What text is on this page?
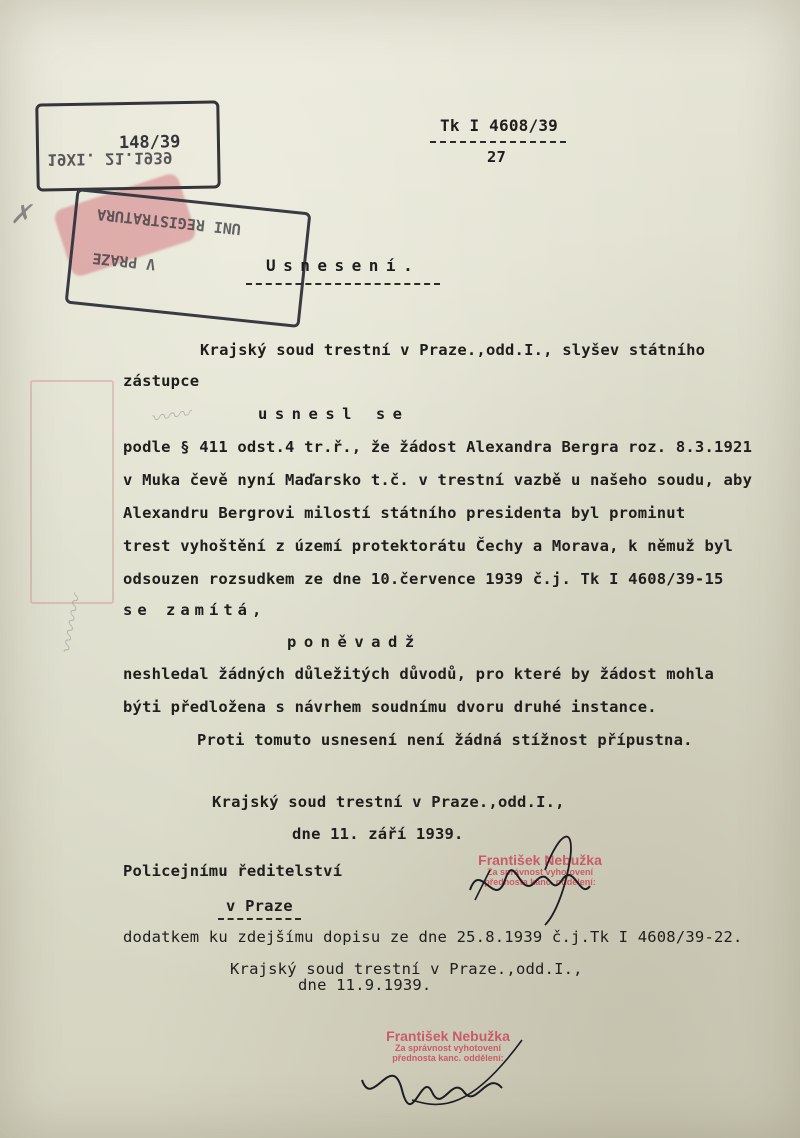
〰〰
〰〰〰
✗
148/39
19XI. 21.1939
UNI REGISTRATURA
V PRAZE
Tk I 4608/39
27
Usnesení.
Krajský soud trestní v Praze.,odd.I., slyšev státního
zástupce
usnesl se
podle § 411 odst.4 tr.ř., že žádost Alexandra Bergra roz. 8.3.1921
v Muka čevě nyní Maďarsko t.č. v trestní vazbě u našeho soudu, aby
Alexandru Bergrovi milostí státního presidenta byl prominut
trest vyhoštění z území protektorátu Čechy a Morava, k němuž byl
odsouzen rozsudkem ze dne 10.července 1939 č.j. Tk I 4608/39-15
se zamítá,
poněvadž
neshledal žádných důležitých důvodů, pro které by žádost mohla
býti předložena s návrhem soudnímu dvoru druhé instance.
Proti tomuto usnesení není žádná stížnost přípustna.
Krajský soud trestní v Praze.,odd.I.,
dne 11. září 1939.
Policejnímu ředitelství
v Praze
dodatkem ku zdejšímu dopisu ze dne 25.8.1939 č.j.Tk I 4608/39-22.
Krajský soud trestní v Praze.,odd.I.,
dne 11.9.1939.
František Nebužka
Za správnost vyhotovení
přednosta kanc. oddělení:
František Nebužka
Za správnost vyhotovení
přednosta kanc. oddělení:
